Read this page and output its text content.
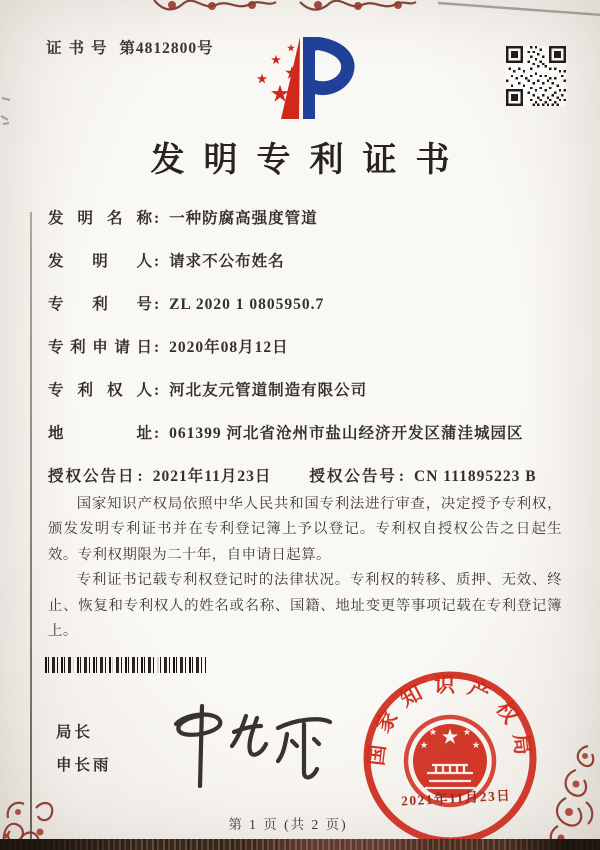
证书号 第4812800号
发明专利证书
发明名称 : 一种防腐高强度管道
发明人 : 请求不公布姓名
专利号 : ZL 2020 1 0805950.7
专利申请日 : 2020年08月12日
专利权人 : 河北友元管道制造有限公司
地址 : 061399 河北省沧州市盐山经济开发区蒲洼城园区
授权公告日 : 2021年11月23日 授权公告号 : CN 111895223 B

国家知识产权局依照中华人民共和国专利法进行审查，决定授予专利权，颁发发明专利证书并在专利登记簿上予以登记。专利权自授权公告之日起生效。专利权期限为二十年，自申请日起算。

专利证书记载专利权登记时的法律状况。专利权的转移、质押、无效、终止、恢复和专利权人的姓名或名称、国籍、地址变更等事项记载在专利登记簿上。

局长
申长雨	国家知识产权局
2021年11月23日
第 1 页 (共 2 页)
